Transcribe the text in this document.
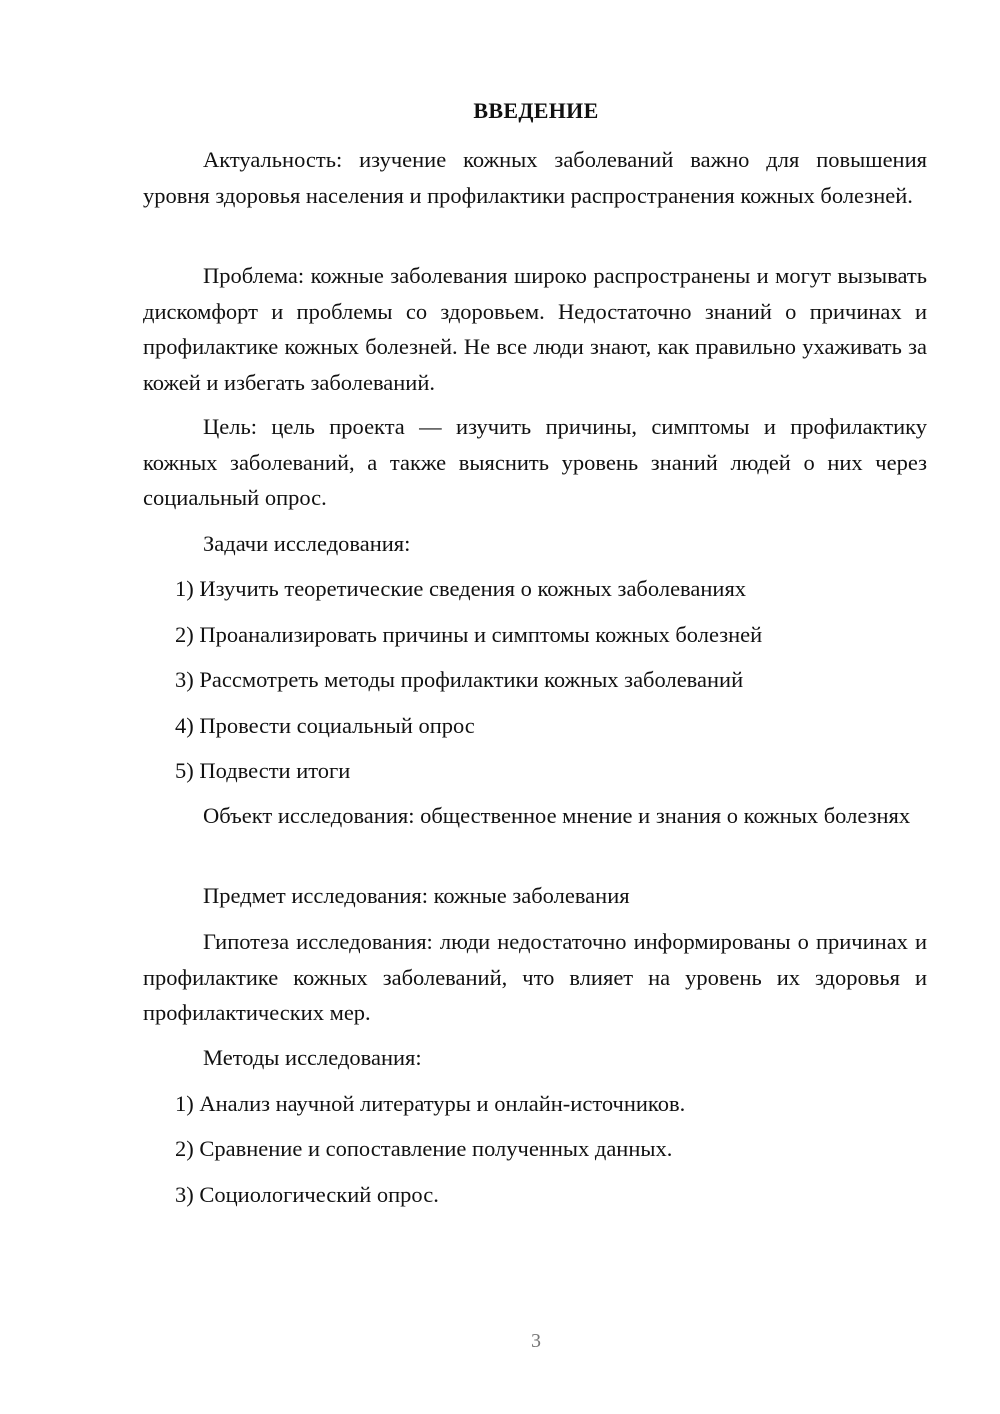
ВВЕДЕНИЕ

Актуальность: изучение кожных заболеваний важно для повышения уровня здоровья населения и профилактики распространения кожных болезней.

Проблема: кожные заболевания широко распространены и могут вызывать дискомфорт и проблемы со здоровьем. Недостаточно знаний о причинах и профилактике кожных болезней. Не все люди знают, как правильно ухаживать за кожей и избегать заболеваний.

Цель: цель проекта — изучить причины, симптомы и профилактику кожных заболеваний, а также выяснить уровень знаний людей о них через социальный опрос.

Задачи исследования:

1) Изучить теоретические сведения о кожных заболеваниях

2) Проанализировать причины и симптомы кожных болезней

3) Рассмотреть методы профилактики кожных заболеваний

4) Провести социальный опрос

5) Подвести итоги

Объект исследования: общественное мнение и знания о кожных болезнях

Предмет исследования: кожные заболевания

Гипотеза исследования: люди недостаточно информированы о причинах и профилактике кожных заболеваний, что влияет на уровень их здоровья и профилактических мер.

Методы исследования:

1) Анализ научной литературы и онлайн-источников.

2) Сравнение и сопоставление полученных данных.

3) Социологический опрос.

3
